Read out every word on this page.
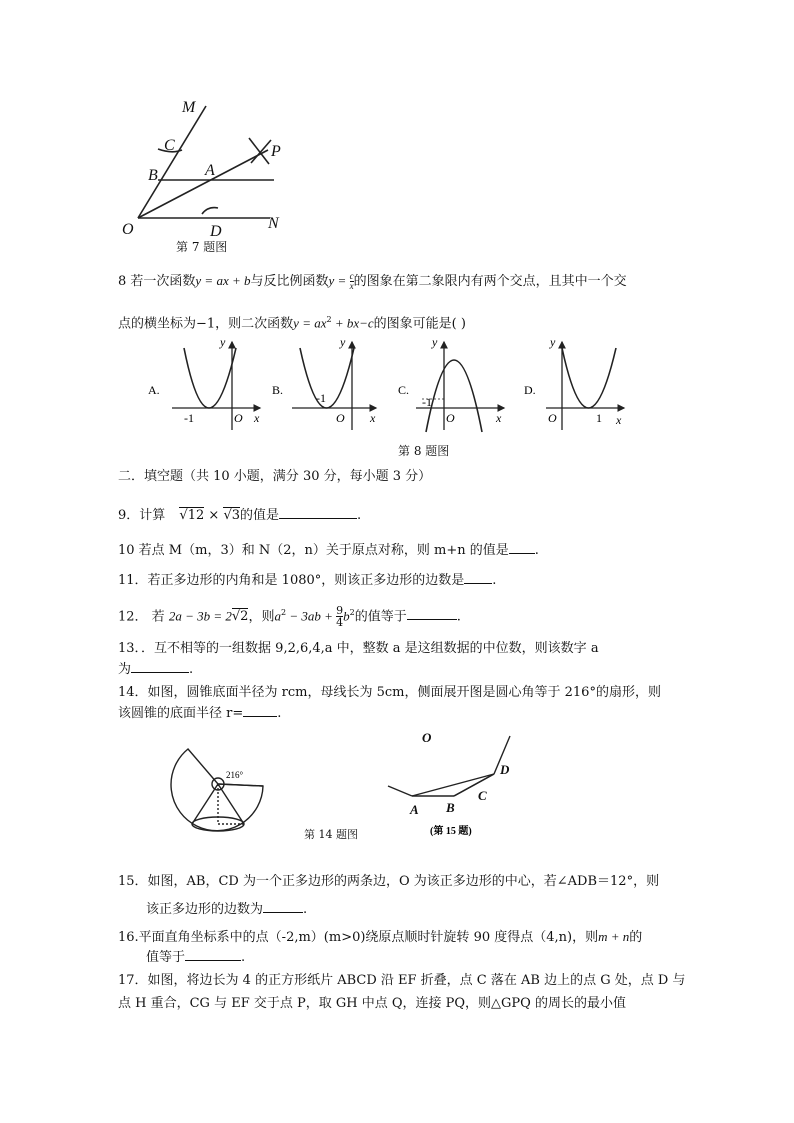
M
C
B	A
P
O	D	N
第 7 题图
8 若一次函数y = ax + b与反比例函数$y = \frac{c}{x}$ 的图象在第二象限内有两个交点，且其中一个交
点的横坐标为−1，则二次函数$y = ax^2 + bx-c$的图象可能是( )
A.
y
x
-1	O
B.
y
x
-1
O
C.
y
x
-1
O
D.
y
x
O	1
第 8 题图
二．填空题（共 10 小题，满分 30 分，每小题 3 分）
9．计算 √12 × √3的值是	.
10 若点 M（m，3）和 N（2，n）关于原点对称，则 m+n 的值是 .
11．若正多边形的内角和是 1080°，则该正多边形的边数是 .
12． 若 2a − 3b = 2√2，则$a^2 - 3ab + \frac{9}{4} b^2$的值等于	.
13．．互不相等的一组数据 9,2,6,4,a 中，整数 a 是这组数据的中位数，则该数字 a
为	.
14．如图，圆锥底面半径为 rcm，母线长为 5cm，侧面展开图是圆心角等于 216°的扇形，则
该圆锥的底面半径 r=	.
216°
第 14 题图
O
A B
C
D
(第 15 题)
15．如图，AB，CD 为一个正多边形的两条边，O 为该正多边形的中心，若∠ADB＝12°，则
该正多边形的边数为	.
16.平面直角坐标系中的点（-2,m）(m>0)绕原点顺时针旋转 90 度得点（4,n)，则m + n的
值等于	.
17．如图，将边长为 4 的正方形纸片 ABCD 沿 EF 折叠，点 C 落在 AB 边上的点 G 处，点 D 与
点 H 重合，CG 与 EF 交于点 P，取 GH 中点 Q，连接 PQ，则△GPQ 的周长的最小值
